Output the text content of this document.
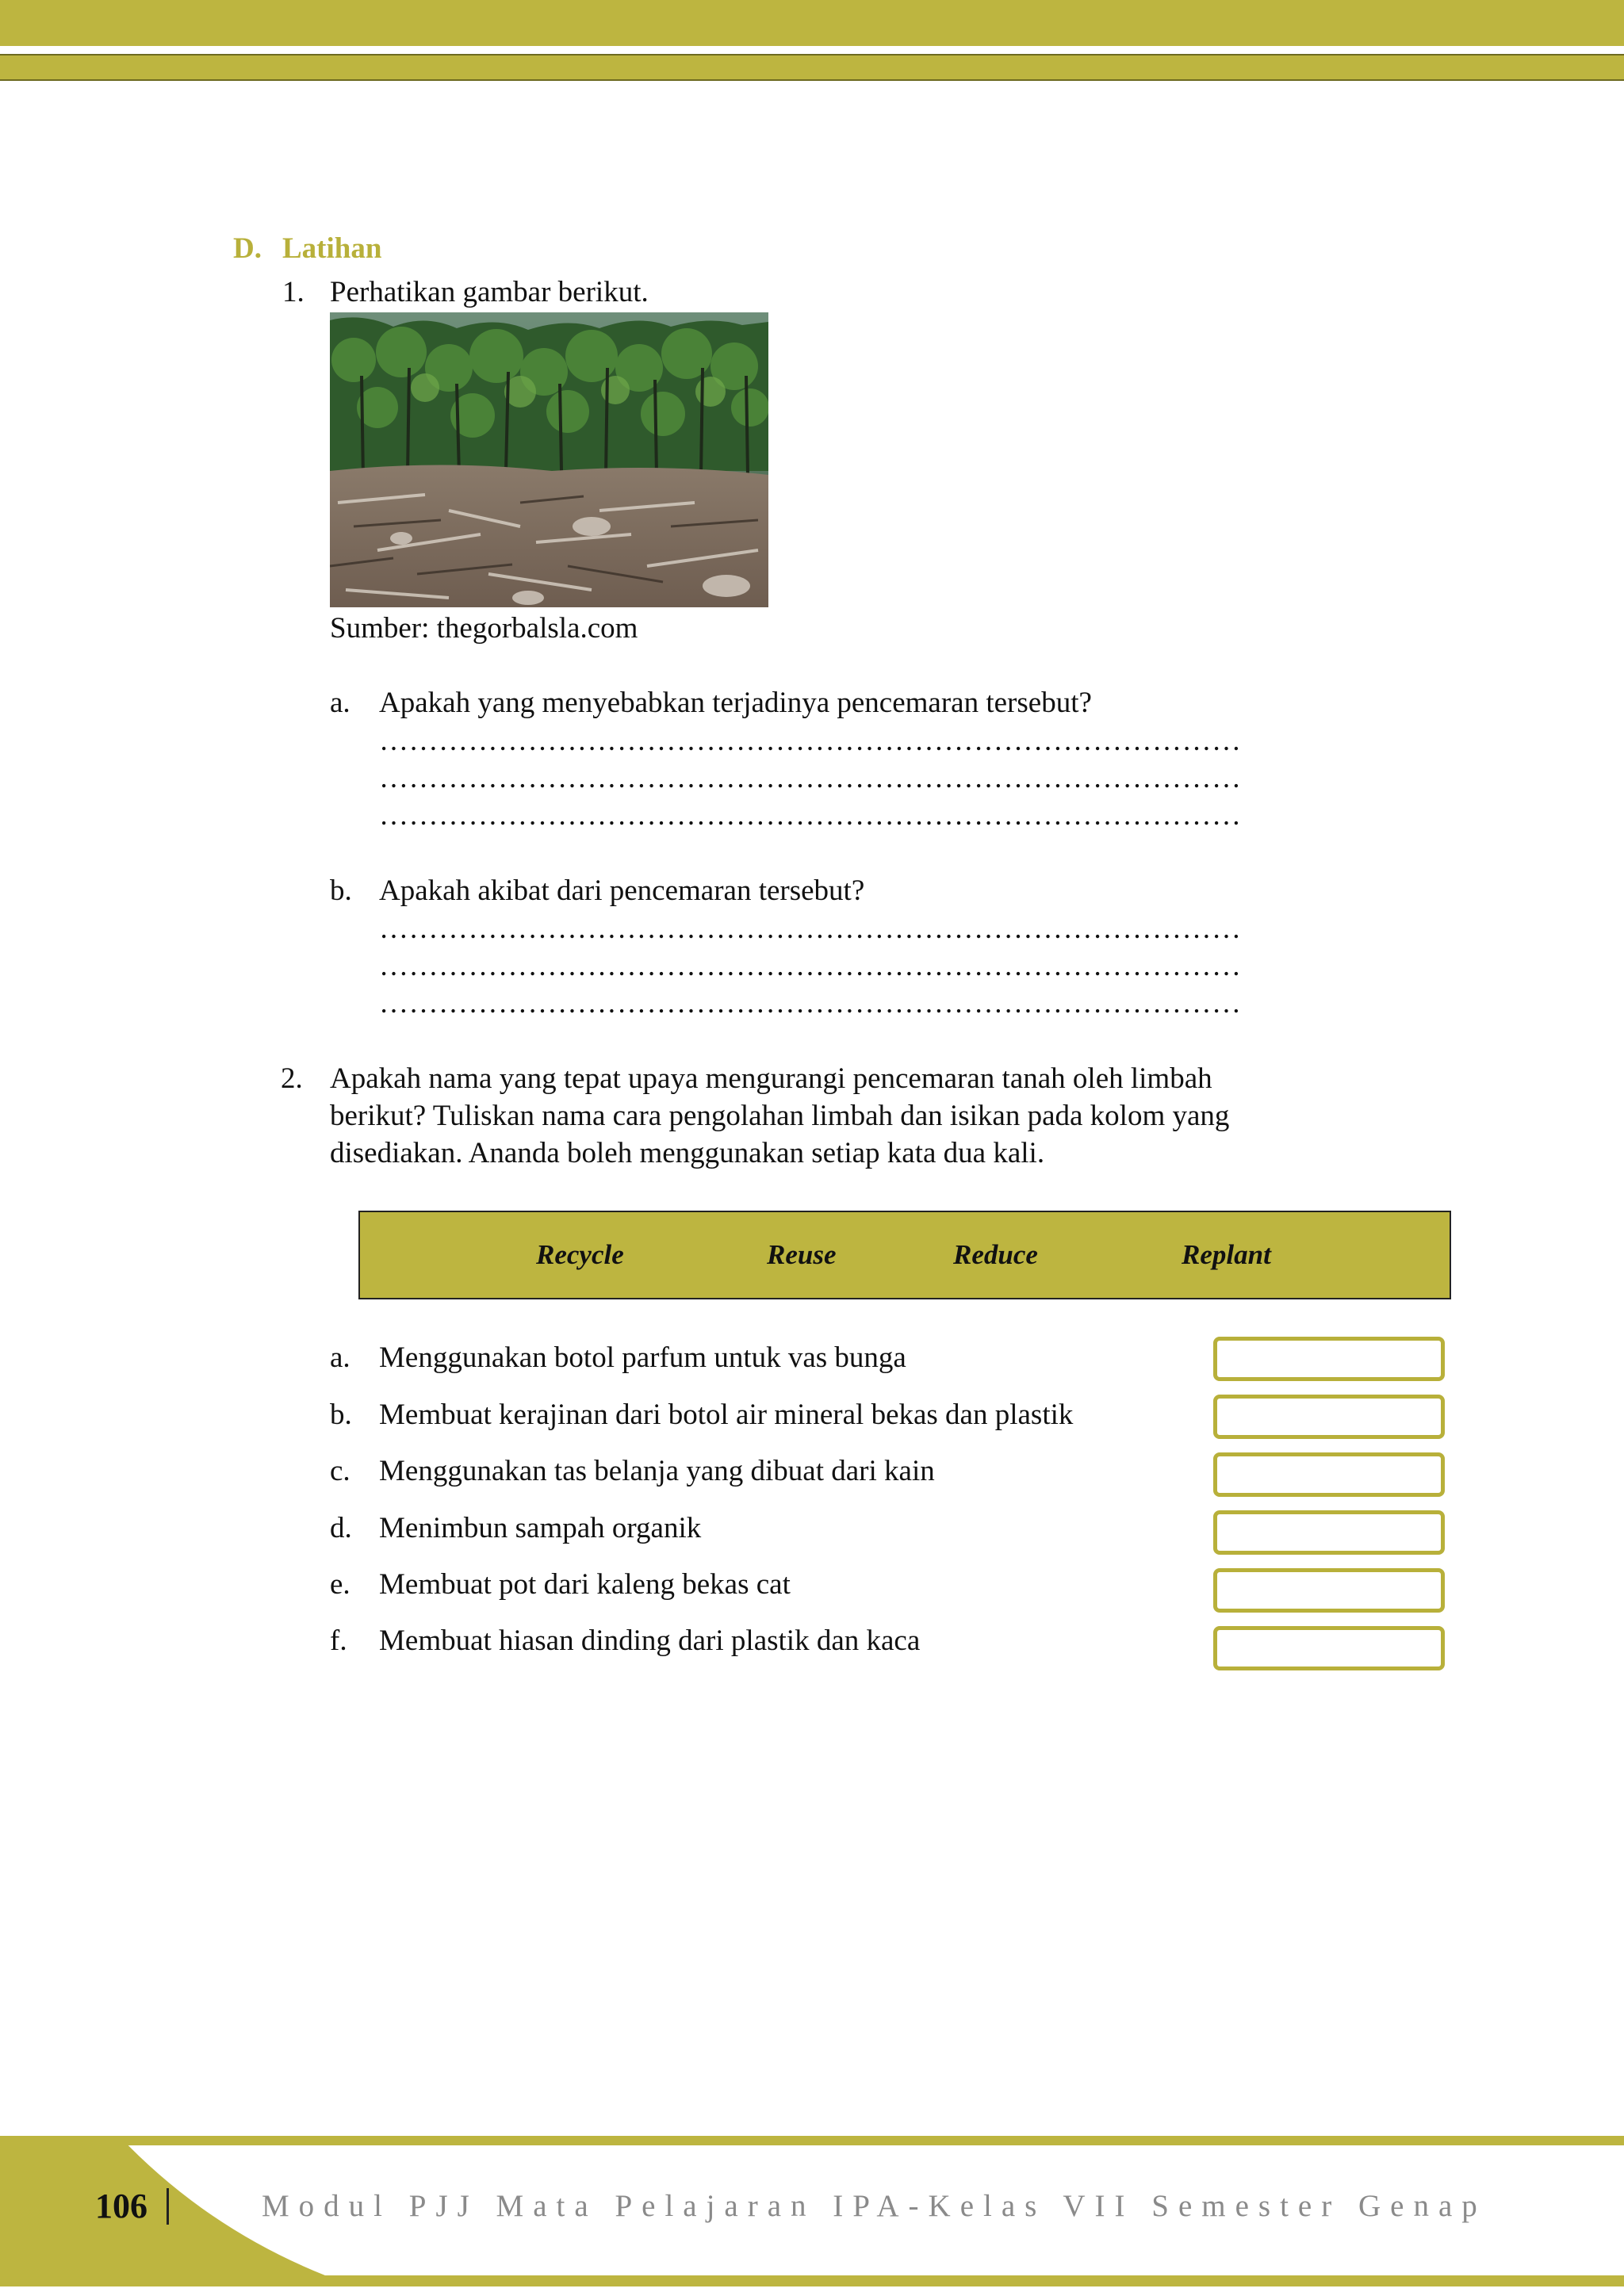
D. Latihan
1. Perhatikan gambar berikut.
Sumber: thegorbalsla.com
a. Apakah yang menyebabkan terjadinya pencemaran tersebut?
……………………………………………………………………………
……………………………………………………………………………
……………………………………………………………………………
b. Apakah akibat dari pencemaran tersebut?
……………………………………………………………………………
……………………………………………………………………………
……………………………………………………………………………
2. Apakah nama yang tepat upaya mengurangi pencemaran tanah oleh limbah
berikut? Tuliskan nama cara pengolahan limbah dan isikan pada kolom yang
disediakan. Ananda boleh menggunakan setiap kata dua kali.
Recycle	Reuse	Reduce	Replant
a. Menggunakan botol parfum untuk vas bunga
b. Membuat kerajinan dari botol air mineral bekas dan plastik
c. Menggunakan tas belanja yang dibuat dari kain
d. Menimbun sampah organik
e. Membuat pot dari kaleng bekas cat
f. Membuat hiasan dinding dari plastik dan kaca
106	Modul PJJ Mata Pelajaran IPA-Kelas VII Semester Genap
